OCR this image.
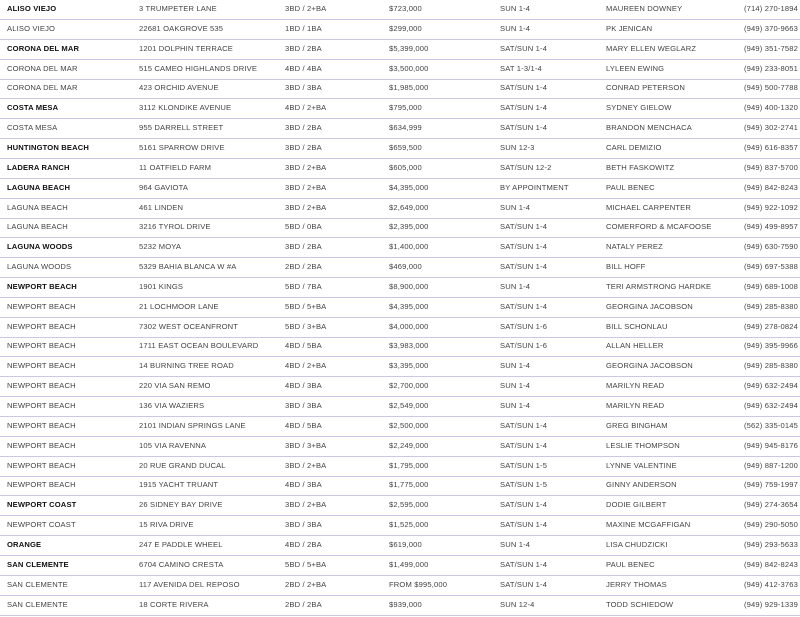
ALISO VIEJO	3 TRUMPETER LANE	3BD / 2+BA	$723,000	SUN 1-4	MAUREEN DOWNEY	(714) 270-1894
ALISO VIEJO	22681 OAKGROVE 535	1BD / 1BA	$299,000	SUN 1-4	PK JENICAN	(949) 370-9663
CORONA DEL MAR	1201 DOLPHIN TERRACE	3BD / 2BA	$5,399,000	SAT/SUN 1-4	MARY ELLEN WEGLARZ	(949) 351-7582
CORONA DEL MAR	515 CAMEO HIGHLANDS DRIVE	4BD / 4BA	$3,500,000	SAT 1-3/1-4	LYLEEN EWING	(949) 233-8051
CORONA DEL MAR	423 ORCHID AVENUE	3BD / 3BA	$1,985,000	SAT/SUN 1-4	CONRAD PETERSON	(949) 500-7788
COSTA MESA	3112 KLONDIKE AVENUE	4BD / 2+BA	$795,000	SAT/SUN 1-4	SYDNEY GIELOW	(949) 400-1320
COSTA MESA	955 DARRELL STREET	3BD / 2BA	$634,999	SAT/SUN 1-4	BRANDON MENCHACA	(949) 302-2741
HUNTINGTON BEACH	5161 SPARROW DRIVE	3BD / 2BA	$659,500	SUN 12-3	CARL DEMIZIO	(949) 616-8357
LADERA RANCH	11 OATFIELD FARM	3BD / 2+BA	$605,000	SAT/SUN 12-2	BETH FASKOWITZ	(949) 837-5700
LAGUNA BEACH	964 GAVIOTA	3BD / 2+BA	$4,395,000	BY APPOINTMENT	PAUL BENEC	(949) 842-8243
LAGUNA BEACH	461 LINDEN	3BD / 2+BA	$2,649,000	SUN 1-4	MICHAEL CARPENTER	(949) 922-1092
LAGUNA BEACH	3216 TYROL DRIVE	5BD / 0BA	$2,395,000	SAT/SUN 1-4	COMERFORD & MCAFOOSE	(949) 499-8957
LAGUNA WOODS	5232 MOYA	3BD / 2BA	$1,400,000	SAT/SUN 1-4	NATALY PEREZ	(949) 630-7590
LAGUNA WOODS	5329 BAHIA BLANCA W #A	2BD / 2BA	$469,000	SAT/SUN 1-4	BILL HOFF	(949) 697-5388
NEWPORT BEACH	1901 KINGS	5BD / 7BA	$8,900,000	SUN 1-4	TERI ARMSTRONG HARDKE	(949) 689-1008
NEWPORT BEACH	21 LOCHMOOR LANE	5BD / 5+BA	$4,395,000	SAT/SUN 1-4	GEORGINA JACOBSON	(949) 285-8380
NEWPORT BEACH	7302 WEST OCEANFRONT	5BD / 3+BA	$4,000,000	SAT/SUN 1-6	BILL SCHONLAU	(949) 278-0824
NEWPORT BEACH	1711 EAST OCEAN BOULEVARD	4BD / 5BA	$3,983,000	SAT/SUN 1-6	ALLAN HELLER	(949) 395-9966
NEWPORT BEACH	14 BURNING TREE ROAD	4BD / 2+BA	$3,395,000	SUN 1-4	GEORGINA JACOBSON	(949) 285-8380
NEWPORT BEACH	220 VIA SAN REMO	4BD / 3BA	$2,700,000	SUN 1-4	MARILYN READ	(949) 632-2494
NEWPORT BEACH	136 VIA WAZIERS	3BD / 3BA	$2,549,000	SUN 1-4	MARILYN READ	(949) 632-2494
NEWPORT BEACH	2101 INDIAN SPRINGS LANE	4BD / 5BA	$2,500,000	SAT/SUN 1-4	GREG BINGHAM	(562) 335-0145
NEWPORT BEACH	105 VIA RAVENNA	3BD / 3+BA	$2,249,000	SAT/SUN 1-4	LESLIE THOMPSON	(949) 945-8176
NEWPORT BEACH	20 RUE GRAND DUCAL	3BD / 2+BA	$1,795,000	SAT/SUN 1-5	LYNNE VALENTINE	(949) 887-1200
NEWPORT BEACH	1915 YACHT TRUANT	4BD / 3BA	$1,775,000	SAT/SUN 1-5	GINNY ANDERSON	(949) 759-1997
NEWPORT COAST	26 SIDNEY BAY DRIVE	3BD / 2+BA	$2,595,000	SAT/SUN 1-4	DODIE GILBERT	(949) 274-3654
NEWPORT COAST	15 RIVA DRIVE	3BD / 3BA	$1,525,000	SAT/SUN 1-4	MAXINE MCGAFFIGAN	(949) 290-5050
ORANGE	247 E PADDLE WHEEL	4BD / 2BA	$619,000	SUN 1-4	LISA CHUDZICKI	(949) 293-5633
SAN CLEMENTE	6704 CAMINO CRESTA	5BD / 5+BA	$1,499,000	SAT/SUN 1-4	PAUL BENEC	(949) 842-8243
SAN CLEMENTE	117 AVENIDA DEL REPOSO	2BD / 2+BA	FROM $995,000	SAT/SUN 1-4	JERRY THOMAS	(949) 412-3763
SAN CLEMENTE	18 CORTE RIVERA	2BD / 2BA	$939,000	SUN 12-4	TODD SCHIEDOW	(949) 929-1339
